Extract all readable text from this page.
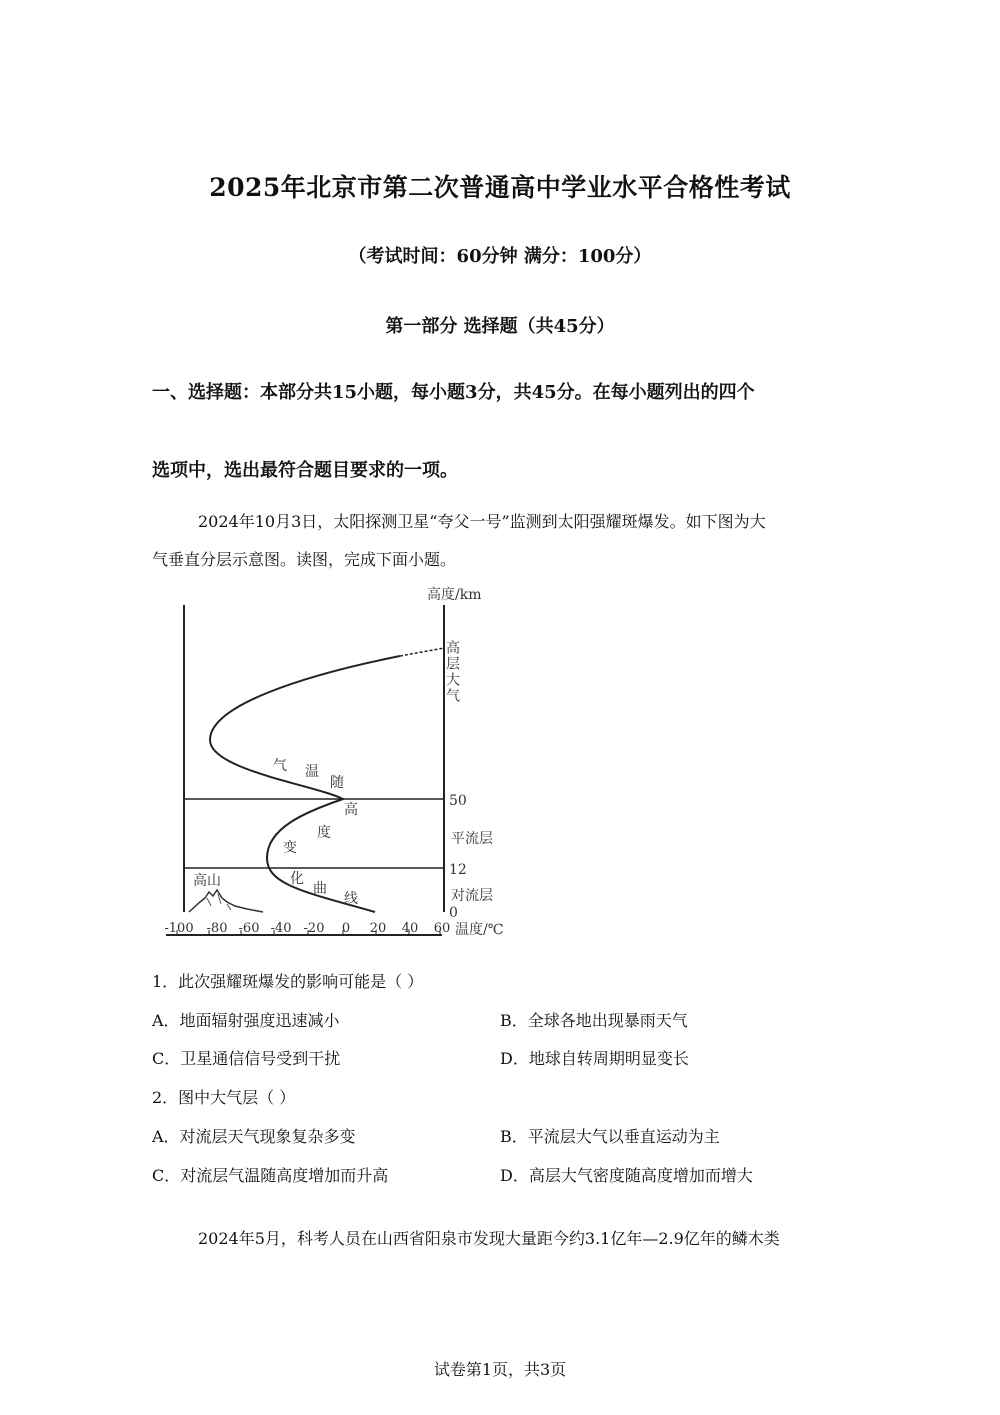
2025年北京市第二次普通高中学业水平合格性考试
（考试时间：60分钟 满分：100分）
第一部分 选择题（共45分）
一、选择题：本部分共15小题，每小题3分，共45分。在每小题列出的四个
选项中，选出最符合题目要求的一项。
2024年10月3日，太阳探测卫星“夸父一号”监测到太阳强耀斑爆发。如下图为大
气垂直分层示意图。读图，完成下面小题。
高度/km
温度/℃
-100 -80 -60 -40 -20 0 20 40 60
50
12
0
高层大气
平流层
对流层
气 温
随
高
度
变
化
曲
线
高山
1．此次强耀斑爆发的影响可能是（ ）
A．地面辐射强度迅速减小	B．全球各地出现暴雨天气
C．卫星通信信号受到干扰	D．地球自转周期明显变长
2．图中大气层（ ）
A．对流层天气现象复杂多变	B．平流层大气以垂直运动为主
C．对流层气温随高度增加而升高	D．高层大气密度随高度增加而增大
2024年5月，科考人员在山西省阳泉市发现大量距今约3.1亿年—2.9亿年的鳞木类
试卷第1页，共3页
